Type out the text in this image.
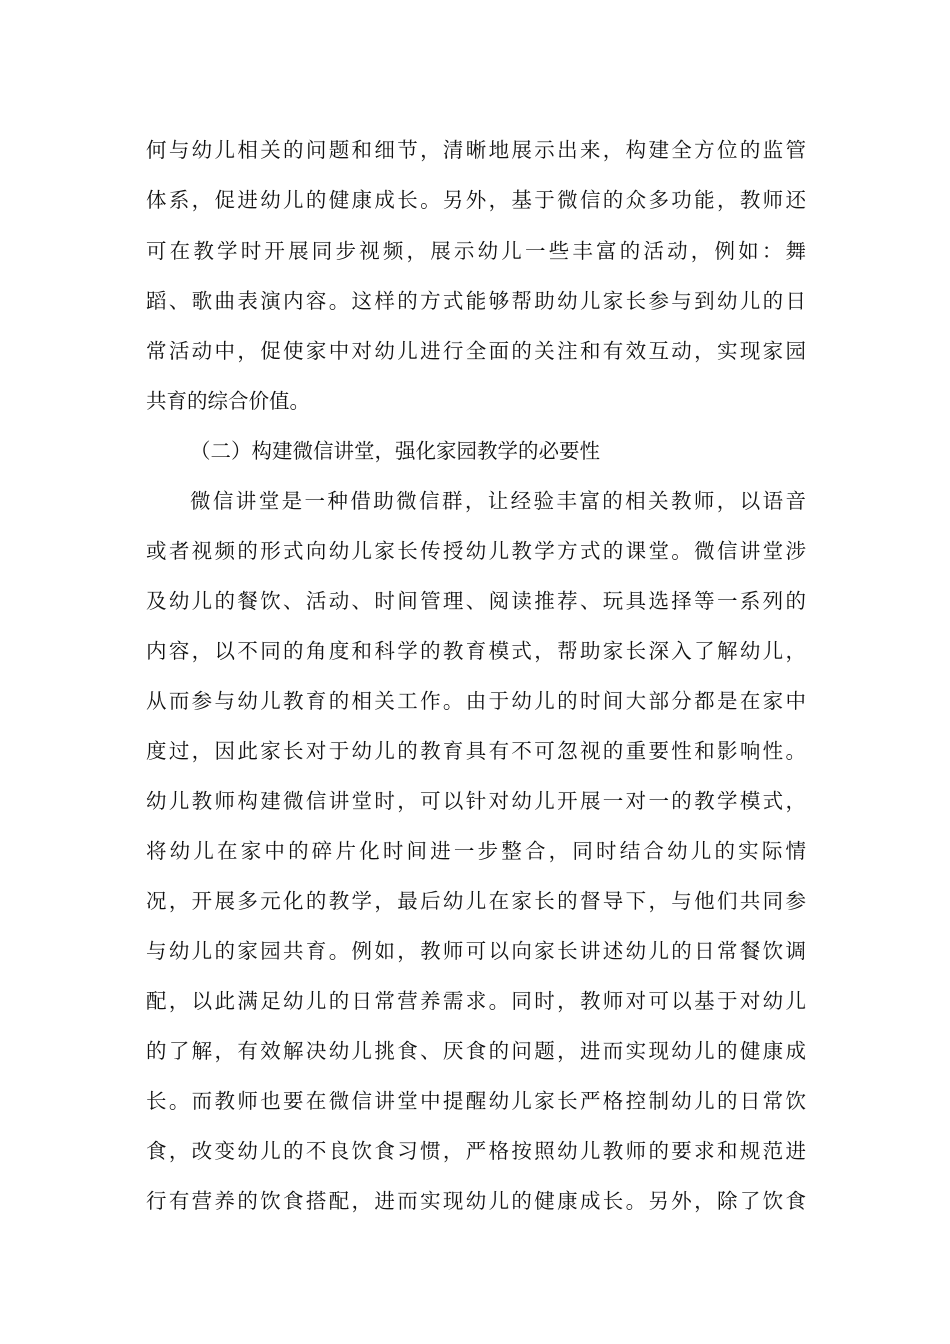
何与幼儿相关的问题和细节，清晰地展示出来，构建全方位的监管
体系，促进幼儿的健康成长。另外，基于微信的众多功能，教师还
可在教学时开展同步视频，展示幼儿一些丰富的活动，例如：舞
蹈、歌曲表演内容。这样的方式能够帮助幼儿家长参与到幼儿的日
常活动中，促使家中对幼儿进行全面的关注和有效互动，实现家园
共育的综合价值。
（二）构建微信讲堂，强化家园教学的必要性
微信讲堂是一种借助微信群，让经验丰富的相关教师，以语音
或者视频的形式向幼儿家长传授幼儿教学方式的课堂。微信讲堂涉
及幼儿的餐饮、活动、时间管理、阅读推荐、玩具选择等一系列的
内容，以不同的角度和科学的教育模式，帮助家长深入了解幼儿，
从而参与幼儿教育的相关工作。由于幼儿的时间大部分都是在家中
度过，因此家长对于幼儿的教育具有不可忽视的重要性和影响性。
幼儿教师构建微信讲堂时，可以针对幼儿开展一对一的教学模式，
将幼儿在家中的碎片化时间进一步整合，同时结合幼儿的实际情
况，开展多元化的教学，最后幼儿在家长的督导下，与他们共同参
与幼儿的家园共育。例如，教师可以向家长讲述幼儿的日常餐饮调
配，以此满足幼儿的日常营养需求。同时，教师对可以基于对幼儿
的了解，有效解决幼儿挑食、厌食的问题，进而实现幼儿的健康成
长。而教师也要在微信讲堂中提醒幼儿家长严格控制幼儿的日常饮
食，改变幼儿的不良饮食习惯，严格按照幼儿教师的要求和规范进
行有营养的饮食搭配，进而实现幼儿的健康成长。另外，除了饮食
